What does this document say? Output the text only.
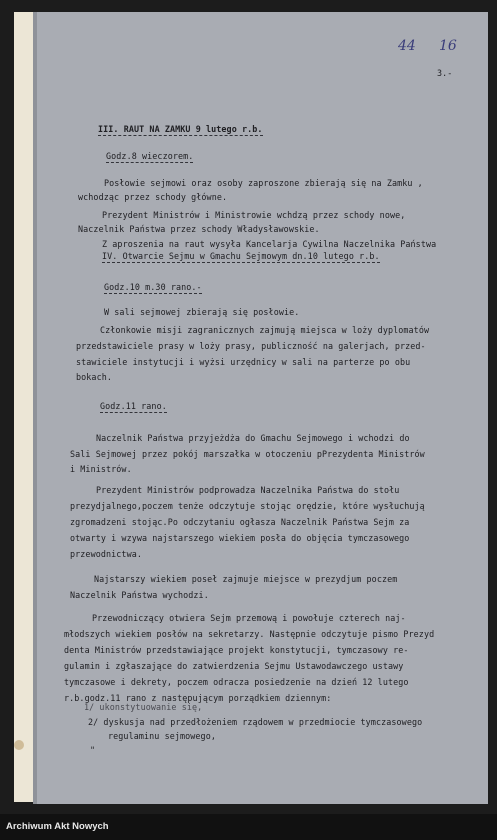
44 16
3.-
III. RAUT NA ZAMKU 9 lutego r.b.
Godz.8 wieczorem.
Posłowie sejmowi oraz osoby zaproszone zbierają się na Zamku ,
wchodząc przez schody główne.
Prezydent Ministrów i Ministrowie wchdzą przez schody nowe,
Naczelnik Państwa przez schody Władysławowskie.
Z aproszenia na raut wysyła Kancelarja Cywilna Naczelnika Państwa
IV. Otwarcie Sejmu w Gmachu Sejmowym dn.10 lutego r.b.
Godz.10 m.30 rano.-
W sali sejmowej zbierają się posłowie.
Członkowie misji zagranicznych zajmują miejsca w loży dyplomatów
przedstawiciele prasy w loży prasy, publiczność na galerjach, przed-
stawiciele instytucji i wyżsi urzędnicy w sali na parterze po obu
bokach.
Godz.11 rano.
Naczelnik Państwa przyjeżdża do Gmachu Sejmowego i wchodzi do
Sali Sejmowej przez pokój marszałka w otoczeniu pPrezydenta Ministrów
i Ministrów.
Prezydent Ministrów podprowadza Naczelnika Państwa do stołu
prezydjalnego,poczem tenże odczytuje stojąc orędzie, które wysłuchują
zgromadzeni stojąc.Po odczytaniu ogłasza Naczelnik Państwa Sejm za
otwarty i wzywa najstarszego wiekiem posła do objęcia tymczasowego
przewodnictwa.
Najstarszy wiekiem poseł zajmuje miejsce w prezydjum poczem
Naczelnik Państwa wychodzi.
Przewodniczący otwiera Sejm przemową i powołuje czterech naj-
młodszych wiekiem posłów na sekretarzy. Następnie odczytuje pismo Prezyd
denta Ministrów przedstawiające projekt konstytucji, tymczasowy re-
gulamin i zgłaszające do zatwierdzenia Sejmu Ustawodawczego ustawy
tymczasowe i dekrety, poczem odracza posiedzenie na dzień 12 lutego
r.b.godz.11 rano z następującym porządkiem dziennym:
1/ ukonstytuowanie się,
2/ dyskusja nad przedłożeniem rządowem w przedmiocie tymczasowego
regulaminu sejmowego,
"
Archiwum Akt Nowych
